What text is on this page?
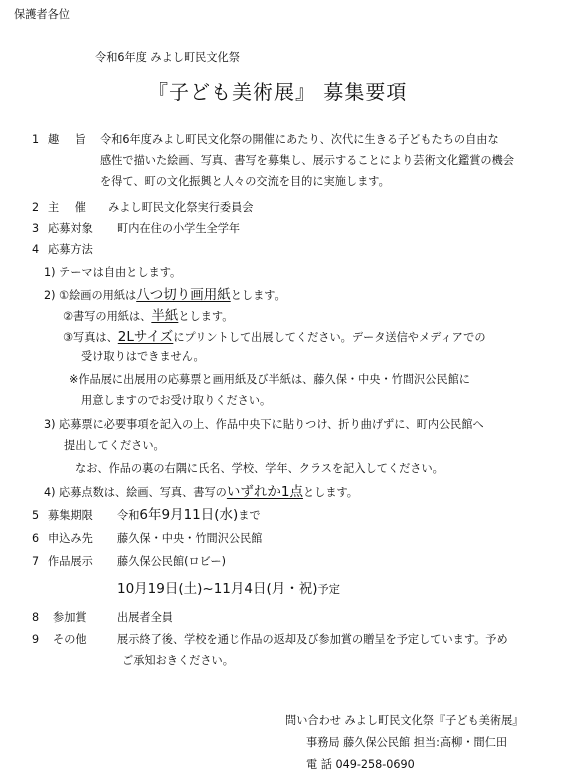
保護者各位
令和6年度 みよし町民文化祭
『子ども美術展』 募集要項
1 趣 旨 令和6年度みよし町民文化祭の開催にあたり、次代に生きる子どもたちの自由な
感性で描いた絵画、写真、書写を募集し、展示することにより芸術文化鑑賞の機会
を得て、町の文化振興と人々の交流を目的に実施します。
2 主 催 みよし町民文化祭実行委員会
3 応募対象 町内在住の小学生全学年
4 応募方法
1) テーマは自由とします。
2) ①絵画の用紙は八つ切り画用紙とします。
②書写の用紙は、半紙とします。
③写真は、2Lサイズにプリントして出展してください。データ送信やメディアでの
受け取りはできません。
※作品展に出展用の応募票と画用紙及び半紙は、藤久保・中央・竹間沢公民館に
用意しますのでお受け取りください。
3) 応募票に必要事項を記入の上、作品中央下に貼りつけ、折り曲げずに、町内公民館へ
提出してください。
なお、作品の裏の右隅に氏名、学校、学年、クラスを記入してください。
4) 応募点数は、絵画、写真、書写のいずれか1点とします。
5 募集期限 令和6年9月11日(水)まで
6 申込み先 藤久保・中央・竹間沢公民館
7 作品展示 藤久保公民館(ロビー)
10月19日(土)~11月4日(月・祝)予定
8 参加賞	出展者全員
9 その他	展示終了後、学校を通じ作品の返却及び参加賞の贈呈を予定しています。予め
ご承知おきください。
問い合わせ みよし町民文化祭『子ども美術展』
事務局 藤久保公民館 担当:高柳・間仁田
電 話 049-258-0690
